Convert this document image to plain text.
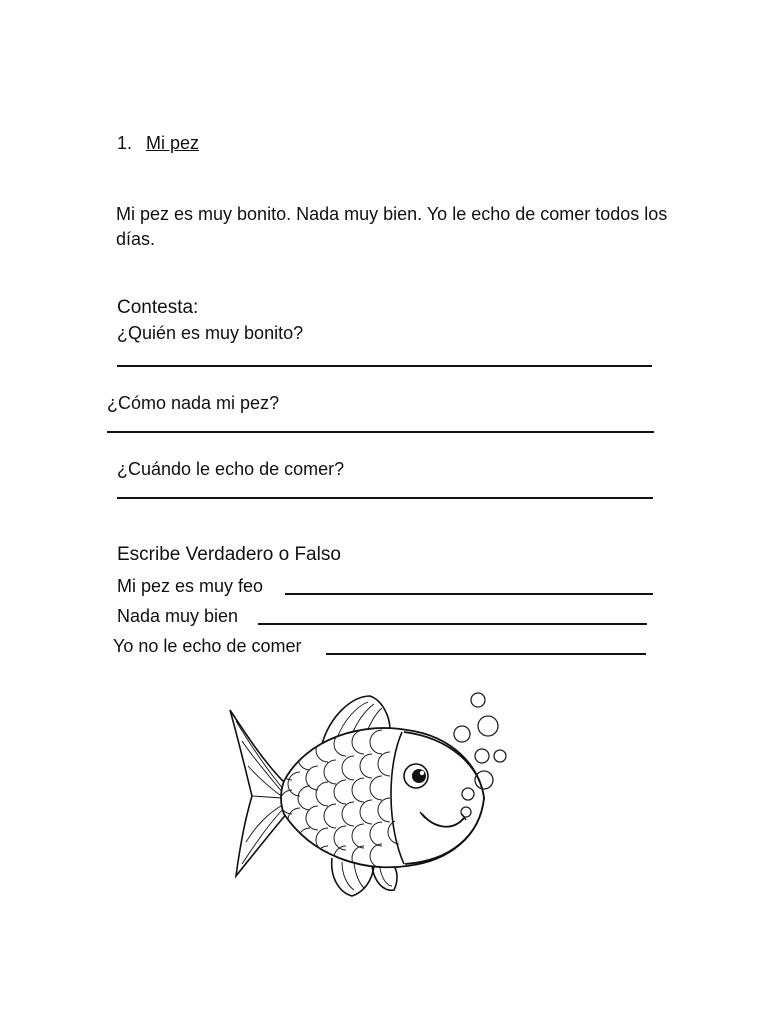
1. Mi pez
Mi pez es muy bonito. Nada muy bien. Yo le echo de comer todos los días.
Contesta:
¿Quién es muy bonito?
¿Cómo nada mi pez?
¿Cuándo le echo de comer?
Escribe Verdadero o Falso
Mi pez es muy feo
Nada muy bien
Yo no le echo de comer
